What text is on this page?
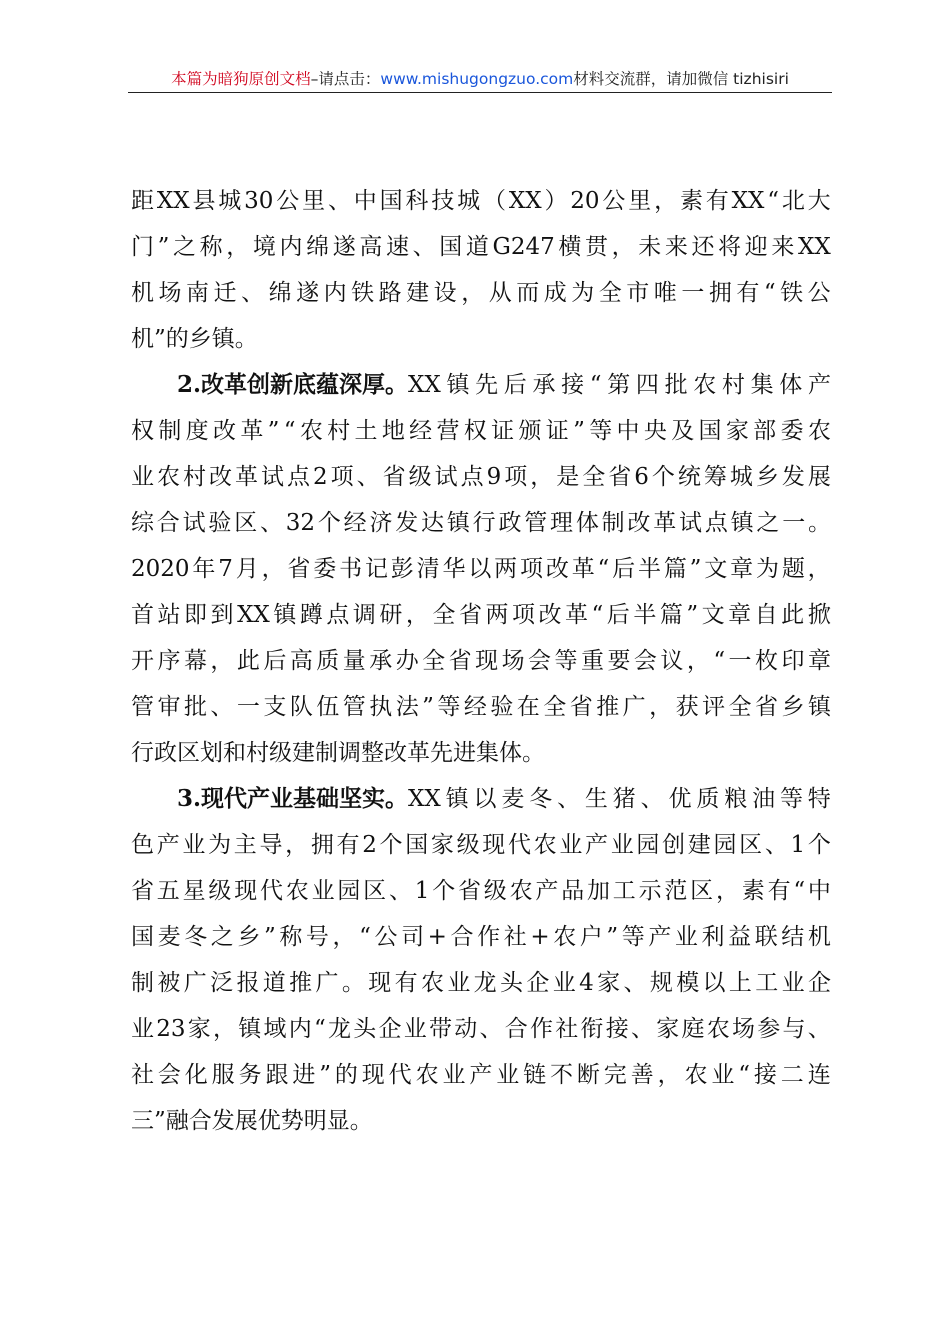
本篇为暗狗原创文档–请点击：www.mishugongzuo.com材料交流群，请加微信 tizhisiri
距 XX 县 城 30 公 里 、 中 国 科 技 城 （ XX ） 20 公 里 ， 素 有 XX “ 北 大
门 ” 之 称 ， 境 内 绵 遂 高 速 、 国 道 G247 横 贯 ， 未 来 还 将 迎 来 XX
机 场 南 迁 、 绵 遂 内 铁 路 建 设 ， 从 而 成 为 全 市 唯 一 拥 有 “ 铁 公
机”的乡镇。
2.改革创新底蕴深厚。 XX 镇 先 后 承 接 “ 第 四 批 农 村 集 体 产
权 制 度 改 革 ” “ 农 村 土 地 经 营 权 证 颁 证 ” 等 中 央 及 国 家 部 委 农
业 农 村 改 革 试 点 2 项 、 省 级 试 点 9 项 ， 是 全 省 6 个 统 筹 城 乡 发 展
综 合 试 验 区 、 32 个 经 济 发 达 镇 行 政 管 理 体 制 改 革 试 点 镇 之 一 。
2020 年 7 月 ， 省 委 书 记 彭 清 华 以 两 项 改 革 “ 后 半 篇 ” 文 章 为 题 ，
首 站 即 到 XX 镇 蹲 点 调 研 ， 全 省 两 项 改 革 “ 后 半 篇 ” 文 章 自 此 掀
开 序 幕 ， 此 后 高 质 量 承 办 全 省 现 场 会 等 重 要 会 议 ， “ 一 枚 印 章
管 审 批 、 一 支 队 伍 管 执 法 ” 等 经 验 在 全 省 推 广 ， 获 评 全 省 乡 镇
行政区划和村级建制调整改革先进集体。
3.现代产业基础坚实。 XX 镇 以 麦 冬 、 生 猪 、 优 质 粮 油 等 特
色 产 业 为 主 导 ， 拥 有 2 个 国 家 级 现 代 农 业 产 业 园 创 建 园 区 、 1 个
省 五 星 级 现 代 农 业 园 区 、 1 个 省 级 农 产 品 加 工 示 范 区 ， 素 有 “ 中
国 麦 冬 之 乡 ” 称 号 ， “ 公 司 + 合 作 社 + 农 户 ” 等 产 业 利 益 联 结 机
制 被 广 泛 报 道 推 广 。 现 有 农 业 龙 头 企 业 4 家 、 规 模 以 上 工 业 企
业 23 家 ， 镇 域 内 “ 龙 头 企 业 带 动 、 合 作 社 衔 接 、 家 庭 农 场 参 与 、
社 会 化 服 务 跟 进 ” 的 现 代 农 业 产 业 链 不 断 完 善 ， 农 业 “ 接 二 连
三”融合发展优势明显。
